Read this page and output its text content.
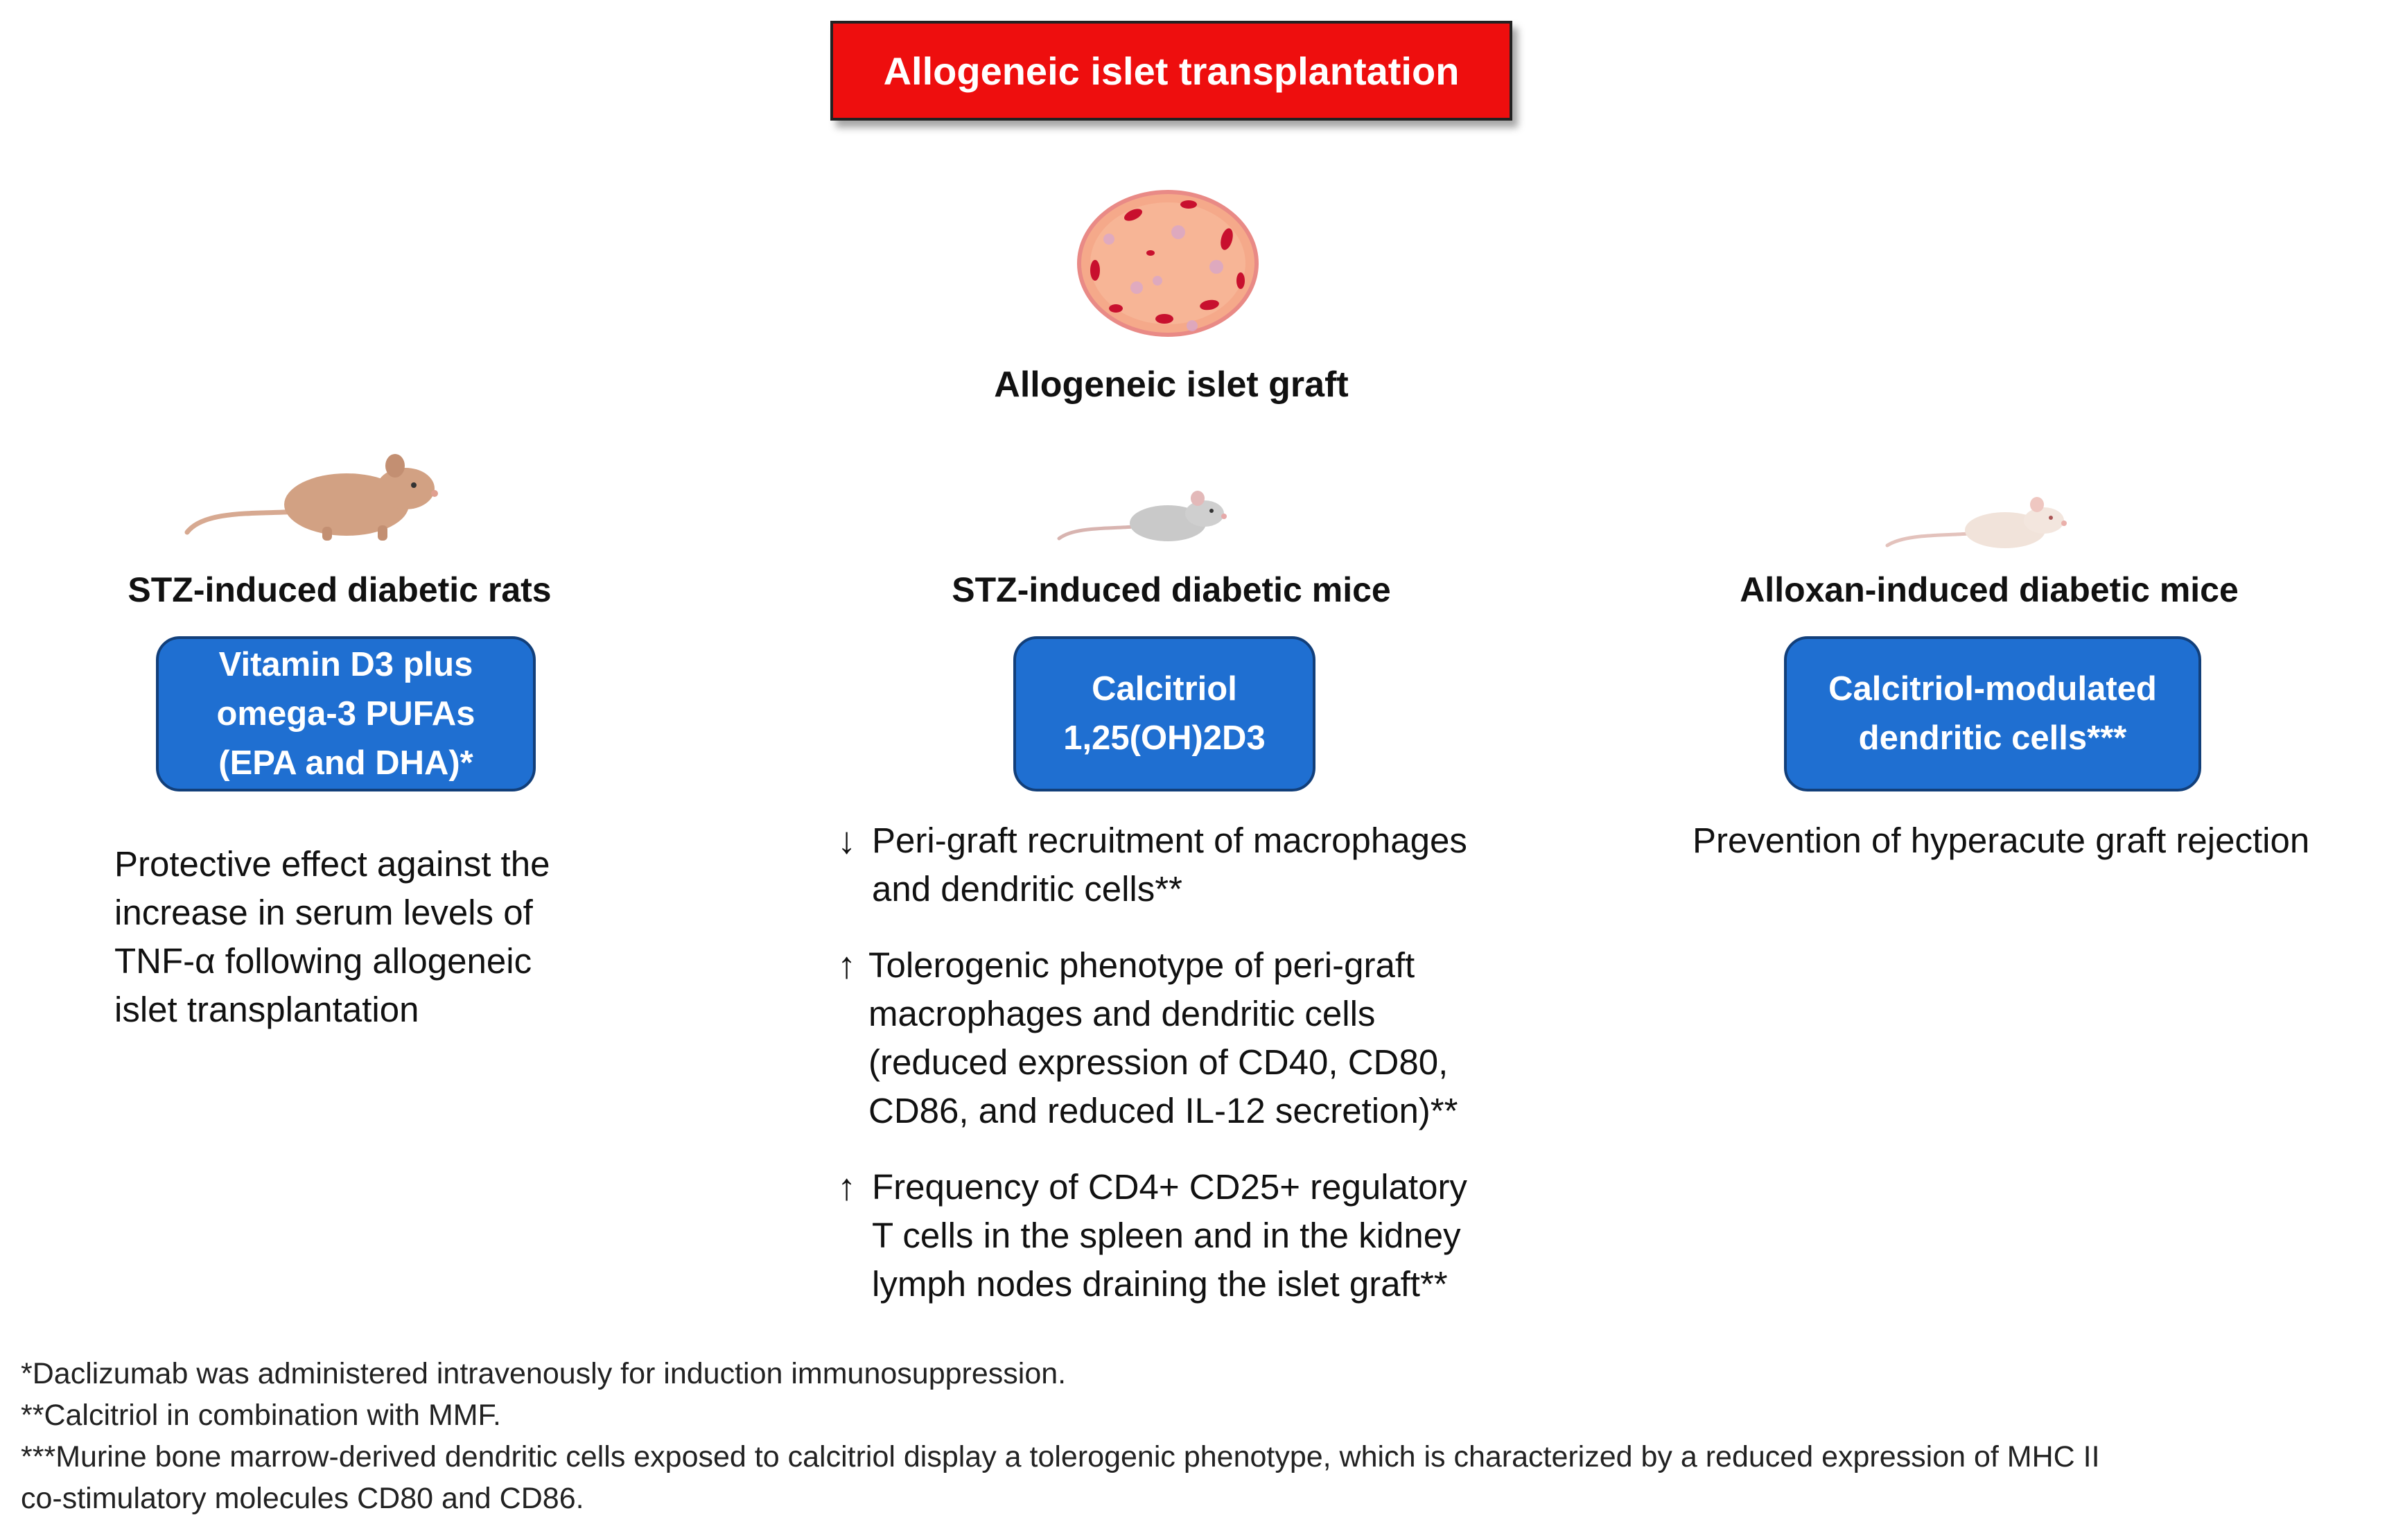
Allogeneic islet transplantation
Allogeneic islet graft
STZ-induced diabetic rats
Vitamin D3 plus
omega-3 PUFAs
(EPA and DHA)*
Protective effect against the
increase in serum levels of
TNF-α following allogeneic
islet transplantation
STZ-induced diabetic mice
Calcitriol
1,25(OH)2D3
↓ Peri-graft recruitment of macrophages
and dendritic cells**
↑ Tolerogenic phenotype of peri-graft
macrophages and dendritic cells
(reduced expression of CD40, CD80,
CD86, and reduced IL-12 secretion)**
↑ Frequency of CD4+ CD25+ regulatory
T cells in the spleen and in the kidney
lymph nodes draining the islet graft**
Alloxan-induced diabetic mice
Calcitriol-modulated
dendritic cells***
Prevention of hyperacute graft rejection
*Daclizumab was administered intravenously for induction immunosuppression.
**Calcitriol in combination with MMF.
***Murine bone marrow-derived dendritic cells exposed to calcitriol display a tolerogenic phenotype, which is characterized by a reduced expression of MHC II
co-stimulatory molecules CD80 and CD86.
